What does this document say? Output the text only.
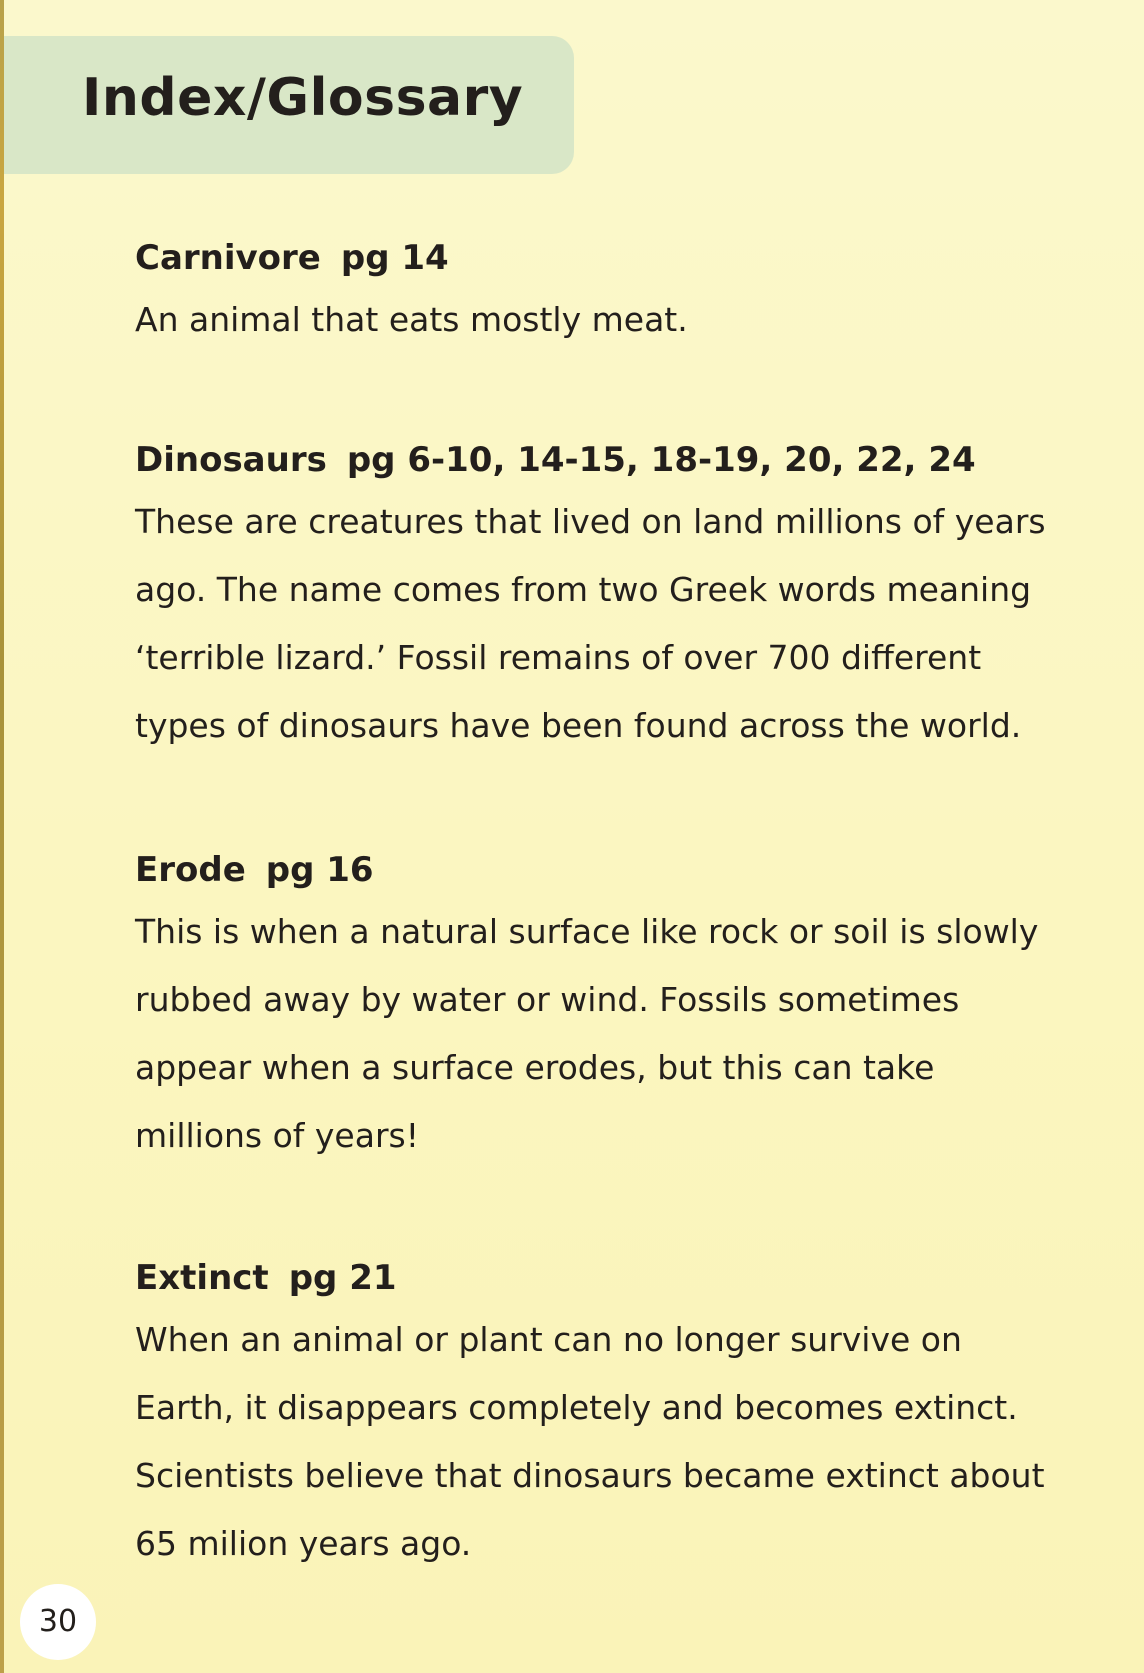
Index/Glossary
Carnivore pg 14
An animal that eats mostly meat.
Dinosaurs pg 6-10, 14-15, 18-19, 20, 22, 24
These are creatures that lived on land millions of years
ago. The name comes from two Greek words meaning
‘terrible lizard.’ Fossil remains of over 700 different
types of dinosaurs have been found across the world.
Erode pg 16
This is when a natural surface like rock or soil is slowly
rubbed away by water or wind. Fossils sometimes
appear when a surface erodes, but this can take
millions of years!
Extinct pg 21
When an animal or plant can no longer survive on
Earth, it disappears completely and becomes extinct.
Scientists believe that dinosaurs became extinct about
65 milion years ago.
30
